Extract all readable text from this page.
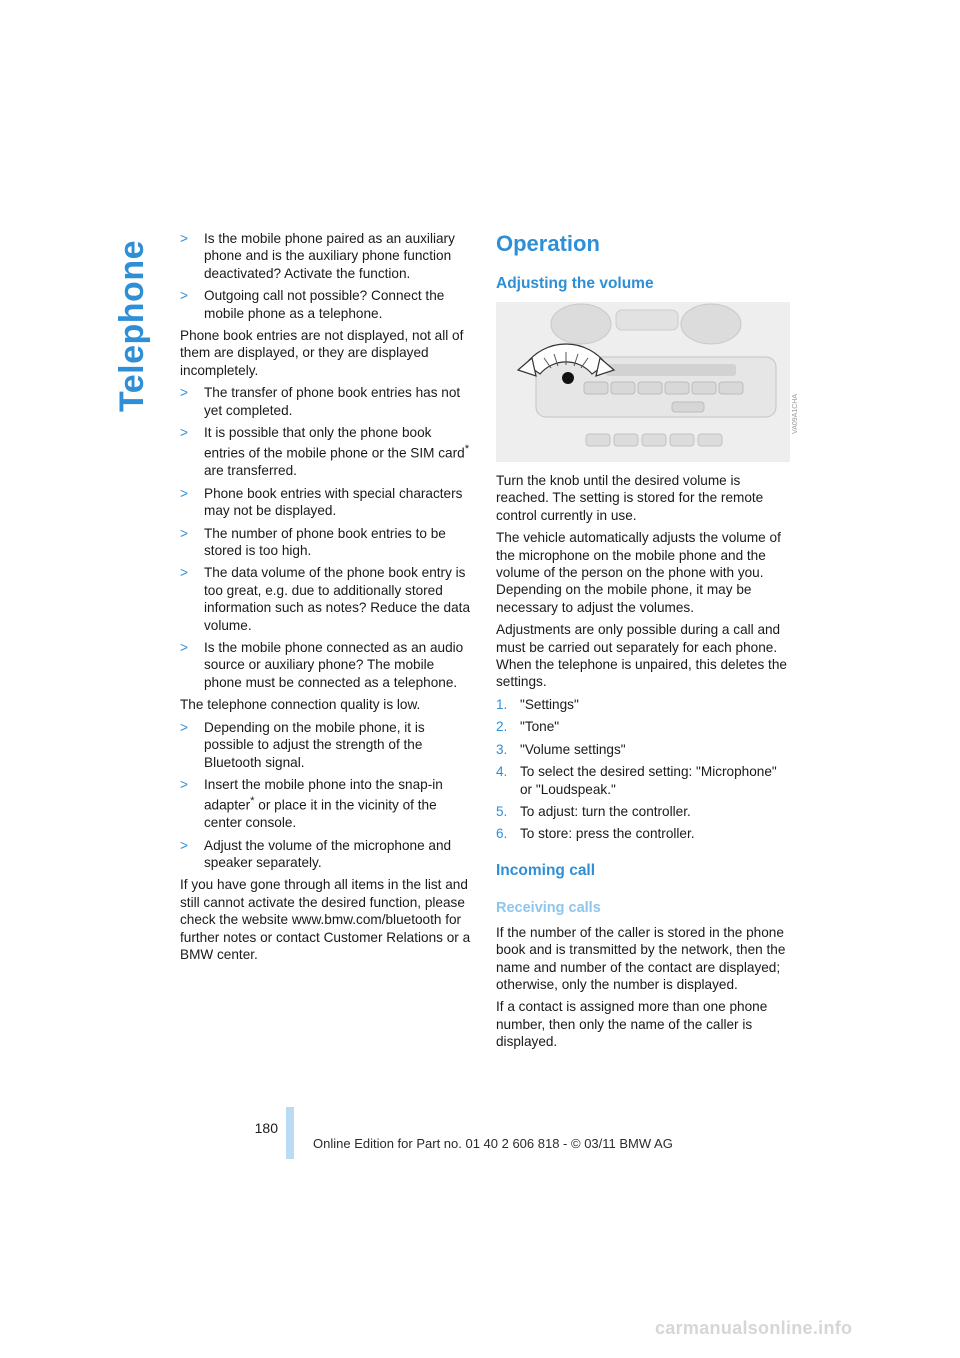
Telephone
>	Is the mobile phone paired as an auxiliary phone and is the auxiliary phone function deactivated? Activate the function.
>	Outgoing call not possible? Connect the mobile phone as a telephone.

Phone book entries are not displayed, not all of them are displayed, or they are displayed incompletely.

>	The transfer of phone book entries has not yet completed.
>	It is possible that only the phone book entries of the mobile phone or the SIM card* are transferred.
>	Phone book entries with special characters may not be displayed.
>	The number of phone book entries to be stored is too high.
>	The data volume of the phone book entry is too great, e.g. due to additionally stored information such as notes? Reduce the data volume.
>	Is the mobile phone connected as an audio source or auxiliary phone? The mobile phone must be connected as a telephone.

The telephone connection quality is low.

>	Depending on the mobile phone, it is possible to adjust the strength of the Bluetooth signal.
>	Insert the mobile phone into the snap-in adapter* or place it in the vicinity of the center console.
>	Adjust the volume of the microphone and speaker separately.

If you have gone through all items in the list and still cannot activate the desired function, please check the website www.bmw.com/bluetooth for further notes or contact Customer Relations or a BMW center.

Operation
Adjusting the volume
VA09A1CHA

Turn the knob until the desired volume is reached. The setting is stored for the remote control currently in use.

The vehicle automatically adjusts the volume of the microphone on the mobile phone and the volume of the person on the phone with you. Depending on the mobile phone, it may be necessary to adjust the volumes.

Adjustments are only possible during a call and must be carried out separately for each phone. When the telephone is unpaired, this deletes the settings.

1. "Settings"
2. "Tone"
3. "Volume settings"
4. To select the desired setting: "Microphone" or "Loudspeak."
5. To adjust: turn the controller.
6. To store: press the controller.
Incoming call
Receiving calls

If the number of the caller is stored in the phone book and is transmitted by the network, then the name and number of the contact are displayed; otherwise, only the number is displayed.

If a contact is assigned more than one phone number, then only the name of the caller is displayed.

180
Online Edition for Part no. 01 40 2 606 818 - © 03/11 BMW AG
carmanualsonline.info
